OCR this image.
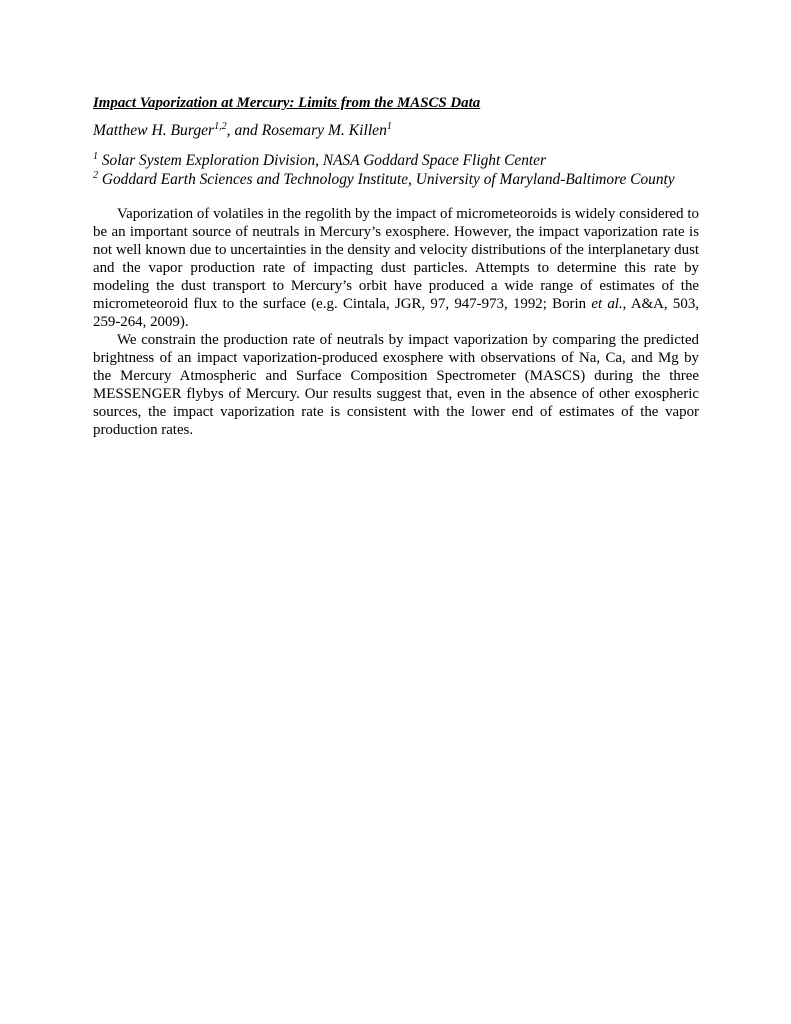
Impact Vaporization at Mercury: Limits from the MASCS Data
Matthew H. Burger$^{1,2}$, and Rosemary M. Killen$^1$
$^1$ Solar System Exploration Division, NASA Goddard Space Flight Center
$^2$ Goddard Earth Sciences and Technology Institute, University of Maryland-Baltimore County

Vaporization of volatiles in the regolith by the impact of micrometeoroids is widely considered to be an important source of neutrals in Mercury’s exosphere. However, the impact vaporization rate is not well known due to uncertainties in the density and velocity distributions of the interplanetary dust and the vapor production rate of impacting dust particles. Attempts to determine this rate by modeling the dust transport to Mercury’s orbit have produced a wide range of estimates of the micrometeoroid flux to the surface (e.g. Cintala, JGR, 97, 947-973, 1992; Borin et al., A&A, 503, 259-264, 2009).

We constrain the production rate of neutrals by impact vaporization by comparing the predicted brightness of an impact vaporization-produced exosphere with observations of Na, Ca, and Mg by the Mercury Atmospheric and Surface Composition Spectrometer (MASCS) during the three MESSENGER flybys of Mercury. Our results suggest that, even in the absence of other exospheric sources, the impact vaporization rate is consistent with the lower end of estimates of the vapor production rates.
